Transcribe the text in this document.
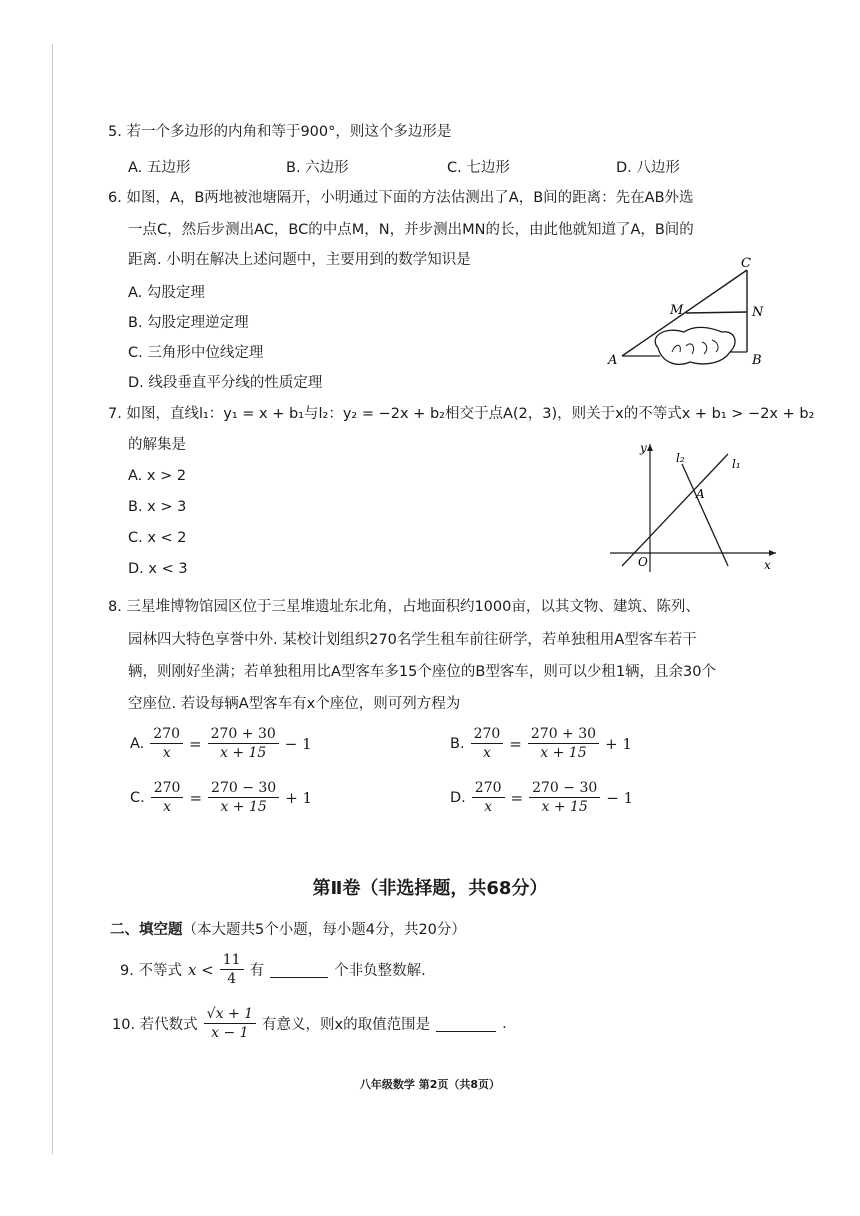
5. 若一个多边形的内角和等于900°，则这个多边形是
A. 五边形	B. 六边形	C. 七边形	D. 八边形
6. 如图，A，B两地被池塘隔开，小明通过下面的方法估测出了A，B间的距离：先在AB外选
一点C，然后步测出AC，BC的中点M，N，并步测出MN的长，由此他就知道了A，B间的
距离. 小明在解决上述问题中，主要用到的数学知识是
A. 勾股定理
B. 勾股定理逆定理
C. 三角形中位线定理
D. 线段垂直平分线的性质定理
C
M	N
A	B
7. 如图，直线l₁：y₁ = x + b₁与l₂：y₂ = −2x + b₂相交于点A(2，3)，则关于x的不等式x + b₁ > −2x + b₂
的解集是
A. x > 2
B. x > 3
C. x < 2
D. x < 3
y
x
O
A
l₁
l₂
8. 三星堆博物馆园区位于三星堆遗址东北角，占地面积约1000亩，以其文物、建筑、陈列、
园林四大特色享誉中外. 某校计划组织270名学生租车前往研学，若单独租用A型客车若干
辆，则刚好坐满；若单独租用比A型客车多15个座位的B型客车，则可以少租1辆，且余30个
空座位. 若设每辆A型客车有x个座位，则可列方程为
A. $\frac{270}{x} = \frac{270 + 30}{x + 15} - 1$	B. $\frac{270}{x} = \frac{270 + 30}{x + 15} + 1$
C. $\frac{270}{x} = \frac{270 - 30}{x + 15} + 1$	D. $\frac{270}{x} = \frac{270 - 30}{x + 15} - 1$
第Ⅱ卷（非选择题，共68分）
二、填空题（本大题共5个小题，每小题4分，共20分）
9. 不等式 $x < \frac{11}{4}$ 有	个非负整数解.
10. 若代数式 $\frac{√x + 1}{x - 1}$ 有意义，则x的取值范围是	.
八年级数学 第2页（共8页）
